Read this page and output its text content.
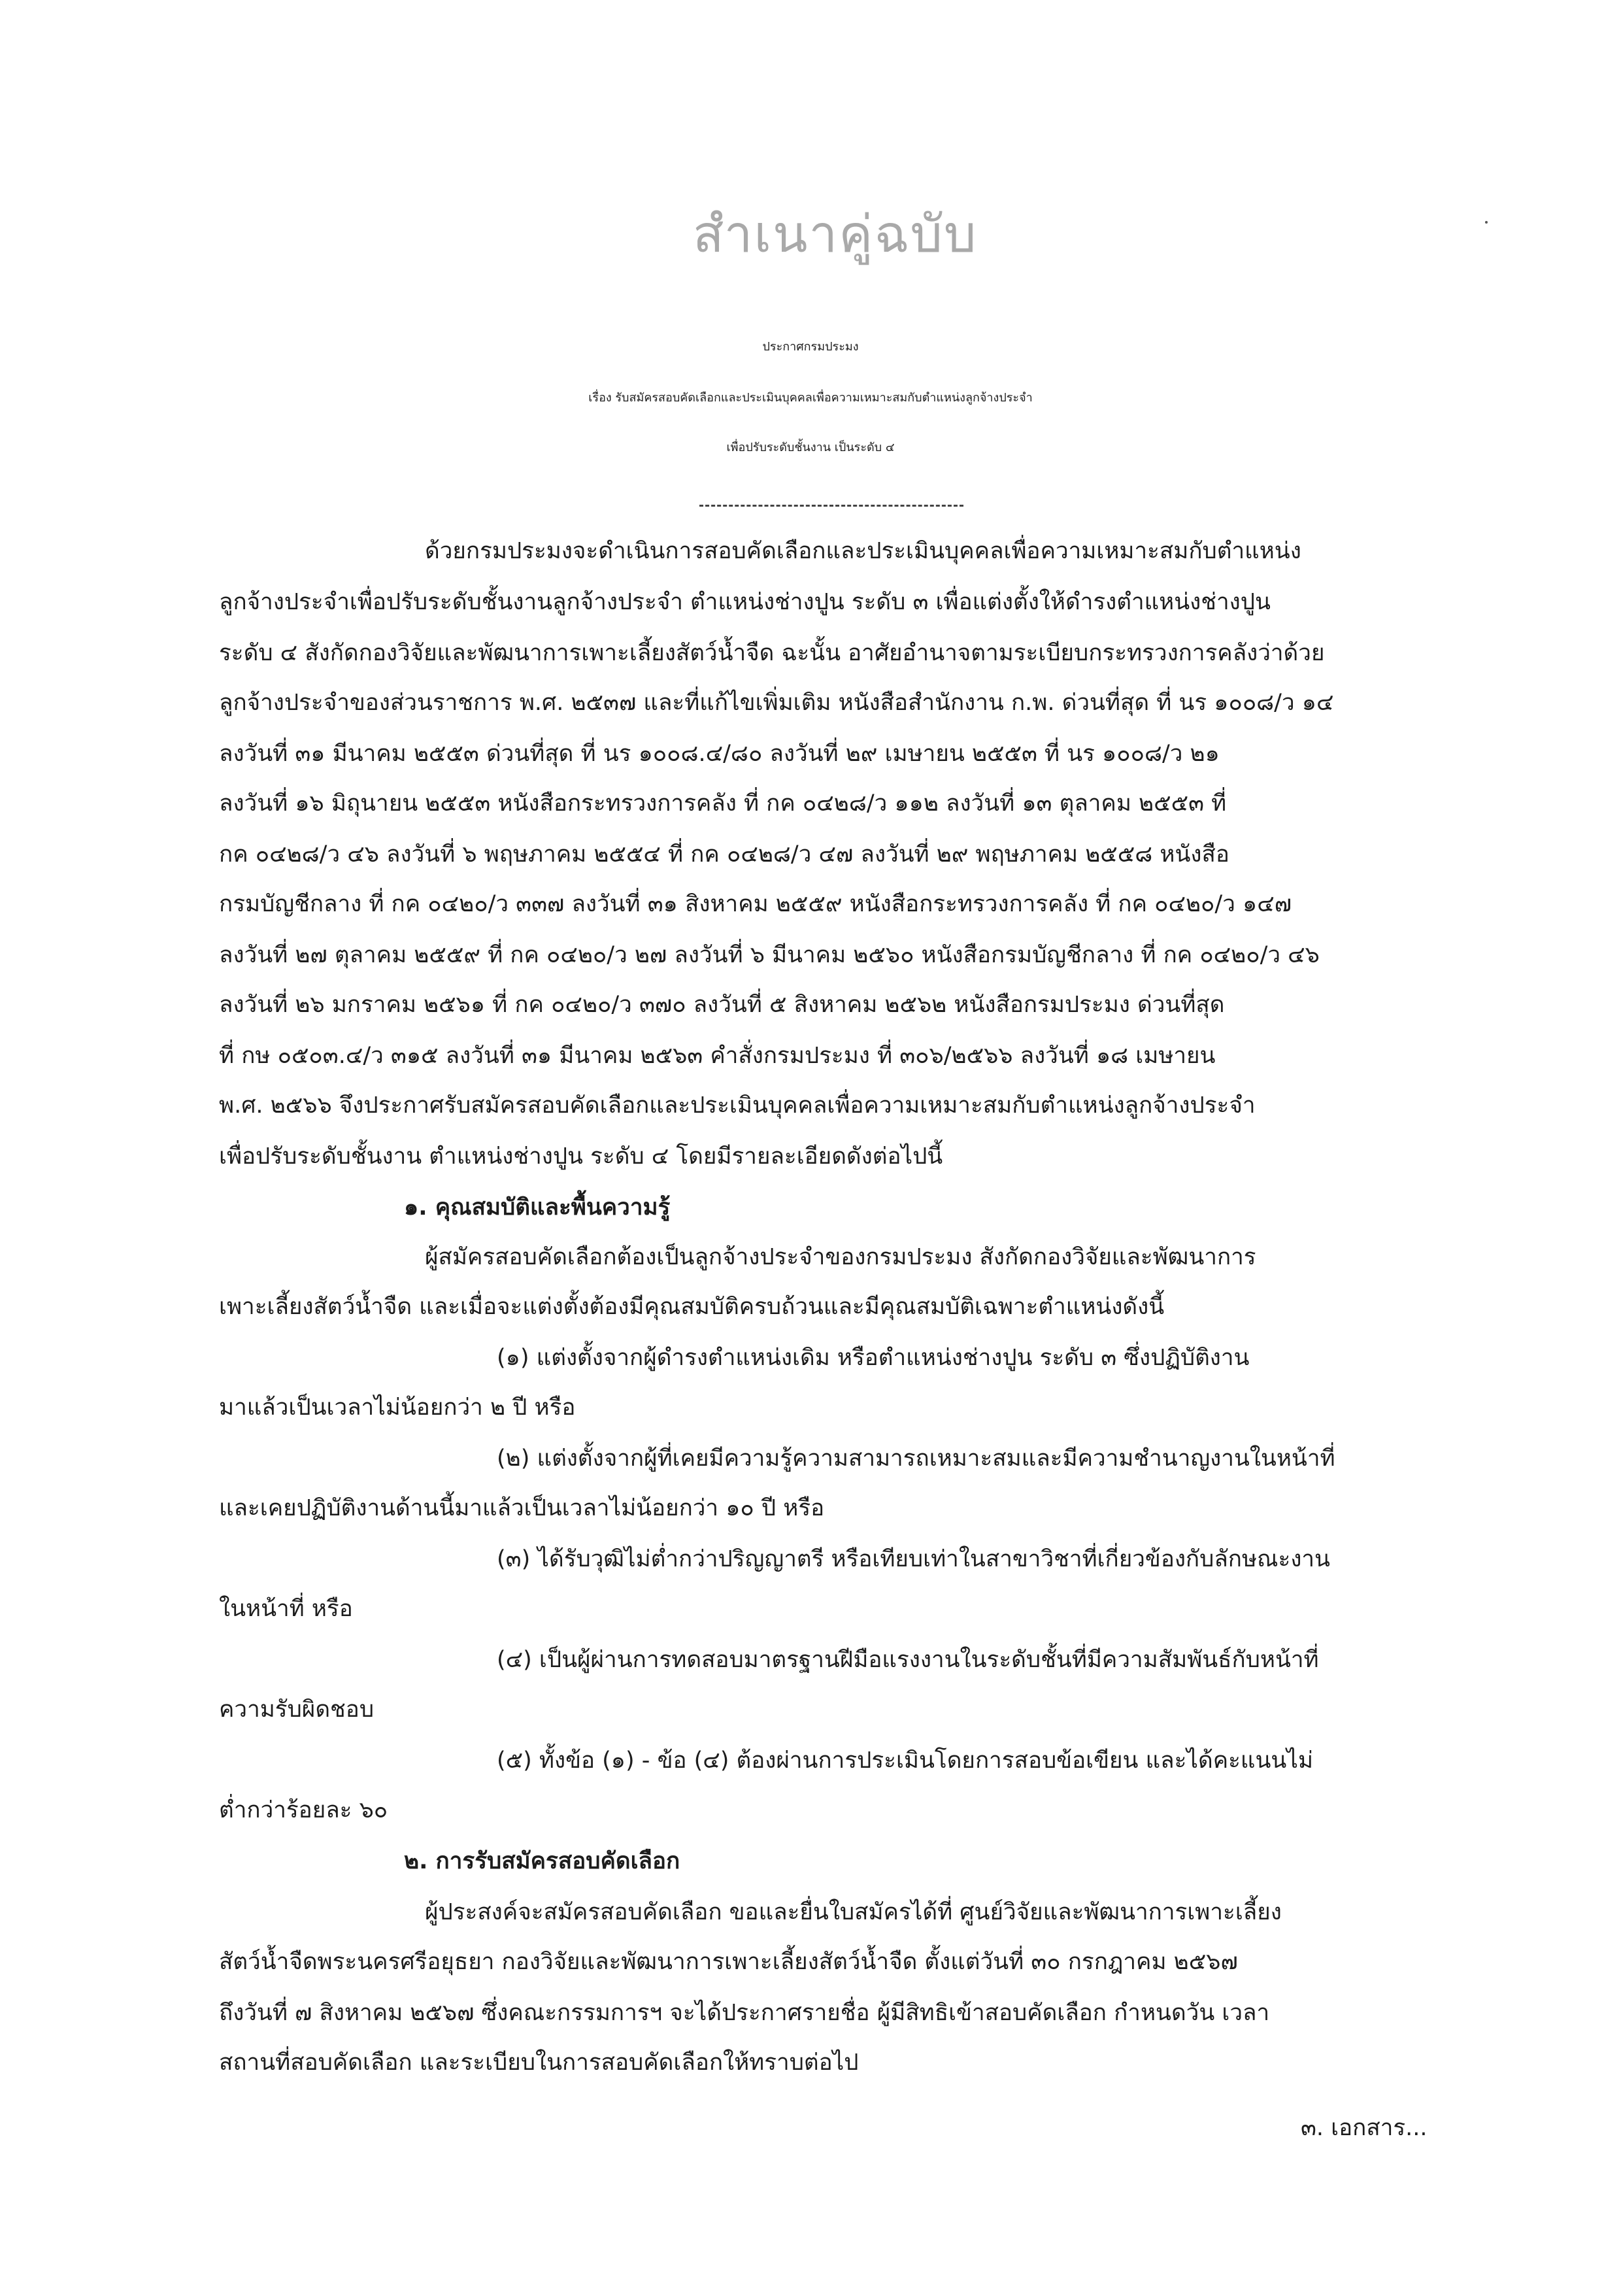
สำเนาคู่ฉบับ
ประกาศกรมประมง
เรื่อง รับสมัครสอบคัดเลือกและประเมินบุคคลเพื่อความเหมาะสมกับตำแหน่งลูกจ้างประจำ
เพื่อปรับระดับชั้นงาน เป็นระดับ ๔
ด้วยกรมประมงจะดำเนินการสอบคัดเลือกและประเมินบุคคลเพื่อความเหมาะสมกับตำแหน่ง
ลูกจ้างประจำเพื่อปรับระดับชั้นงานลูกจ้างประจำ ตำแหน่งช่างปูน ระดับ ๓ เพื่อแต่งตั้งให้ดำรงตำแหน่งช่างปูน
ระดับ ๔ สังกัดกองวิจัยและพัฒนาการเพาะเลี้ยงสัตว์น้ำจืด ฉะนั้น อาศัยอำนาจตามระเบียบกระทรวงการคลังว่าด้วย
ลูกจ้างประจำของส่วนราชการ พ.ศ. ๒๕๓๗ และที่แก้ไขเพิ่มเติม หนังสือสำนักงาน ก.พ. ด่วนที่สุด ที่ นร ๑๐๐๘/ว ๑๔
ลงวันที่ ๓๑ มีนาคม ๒๕๕๓ ด่วนที่สุด ที่ นร ๑๐๐๘.๔/๘๐ ลงวันที่ ๒๙ เมษายน ๒๕๕๓ ที่ นร ๑๐๐๘/ว ๒๑
ลงวันที่ ๑๖ มิถุนายน ๒๕๕๓ หนังสือกระทรวงการคลัง ที่ กค ๐๔๒๘/ว ๑๑๒ ลงวันที่ ๑๓ ตุลาคม ๒๕๕๓ ที่
กค ๐๔๒๘/ว ๔๖ ลงวันที่ ๖ พฤษภาคม ๒๕๕๔ ที่ กค ๐๔๒๘/ว ๔๗ ลงวันที่ ๒๙ พฤษภาคม ๒๕๕๘ หนังสือ
กรมบัญชีกลาง ที่ กค ๐๔๒๐/ว ๓๓๗ ลงวันที่ ๓๑ สิงหาคม ๒๕๕๙ หนังสือกระทรวงการคลัง ที่ กค ๐๔๒๐/ว ๑๔๗
ลงวันที่ ๒๗ ตุลาคม ๒๕๕๙ ที่ กค ๐๔๒๐/ว ๒๗ ลงวันที่ ๖ มีนาคม ๒๕๖๐ หนังสือกรมบัญชีกลาง ที่ กค ๐๔๒๐/ว ๔๖
ลงวันที่ ๒๖ มกราคม ๒๕๖๑ ที่ กค ๐๔๒๐/ว ๓๗๐ ลงวันที่ ๕ สิงหาคม ๒๕๖๒ หนังสือกรมประมง ด่วนที่สุด
ที่ กษ ๐๕๐๓.๔/ว ๓๑๕ ลงวันที่ ๓๑ มีนาคม ๒๕๖๓ คำสั่งกรมประมง ที่ ๓๐๖/๒๕๖๖ ลงวันที่ ๑๘ เมษายน
พ.ศ. ๒๕๖๖ จึงประกาศรับสมัครสอบคัดเลือกและประเมินบุคคลเพื่อความเหมาะสมกับตำแหน่งลูกจ้างประจำ
เพื่อปรับระดับชั้นงาน ตำแหน่งช่างปูน ระดับ ๔ โดยมีรายละเอียดดังต่อไปนี้
๑. คุณสมบัติและพื้นความรู้
ผู้สมัครสอบคัดเลือกต้องเป็นลูกจ้างประจำของกรมประมง สังกัดกองวิจัยและพัฒนาการ
เพาะเลี้ยงสัตว์น้ำจืด และเมื่อจะแต่งตั้งต้องมีคุณสมบัติครบถ้วนและมีคุณสมบัติเฉพาะตำแหน่งดังนี้
(๑) แต่งตั้งจากผู้ดำรงตำแหน่งเดิม หรือตำแหน่งช่างปูน ระดับ ๓ ซึ่งปฏิบัติงาน
มาแล้วเป็นเวลาไม่น้อยกว่า ๒ ปี หรือ
(๒) แต่งตั้งจากผู้ที่เคยมีความรู้ความสามารถเหมาะสมและมีความชำนาญงานในหน้าที่
และเคยปฏิบัติงานด้านนี้มาแล้วเป็นเวลาไม่น้อยกว่า ๑๐ ปี หรือ
(๓) ได้รับวุฒิไม่ต่ำกว่าปริญญาตรี หรือเทียบเท่าในสาขาวิชาที่เกี่ยวข้องกับลักษณะงาน
ในหน้าที่ หรือ
(๔) เป็นผู้ผ่านการทดสอบมาตรฐานฝีมือแรงงานในระดับชั้นที่มีความสัมพันธ์กับหน้าที่
ความรับผิดชอบ
(๕) ทั้งข้อ (๑) - ข้อ (๔) ต้องผ่านการประเมินโดยการสอบข้อเขียน และได้คะแนนไม่
ต่ำกว่าร้อยละ ๖๐
๒. การรับสมัครสอบคัดเลือก
ผู้ประสงค์จะสมัครสอบคัดเลือก ขอและยื่นใบสมัครได้ที่ ศูนย์วิจัยและพัฒนาการเพาะเลี้ยง
สัตว์น้ำจืดพระนครศรีอยุธยา กองวิจัยและพัฒนาการเพาะเลี้ยงสัตว์น้ำจืด ตั้งแต่วันที่ ๓๐ กรกฎาคม ๒๕๖๗
ถึงวันที่ ๗ สิงหาคม ๒๕๖๗ ซึ่งคณะกรรมการฯ จะได้ประกาศรายชื่อ ผู้มีสิทธิเข้าสอบคัดเลือก กำหนดวัน เวลา
สถานที่สอบคัดเลือก และระเบียบในการสอบคัดเลือกให้ทราบต่อไป
๓. เอกสาร...
